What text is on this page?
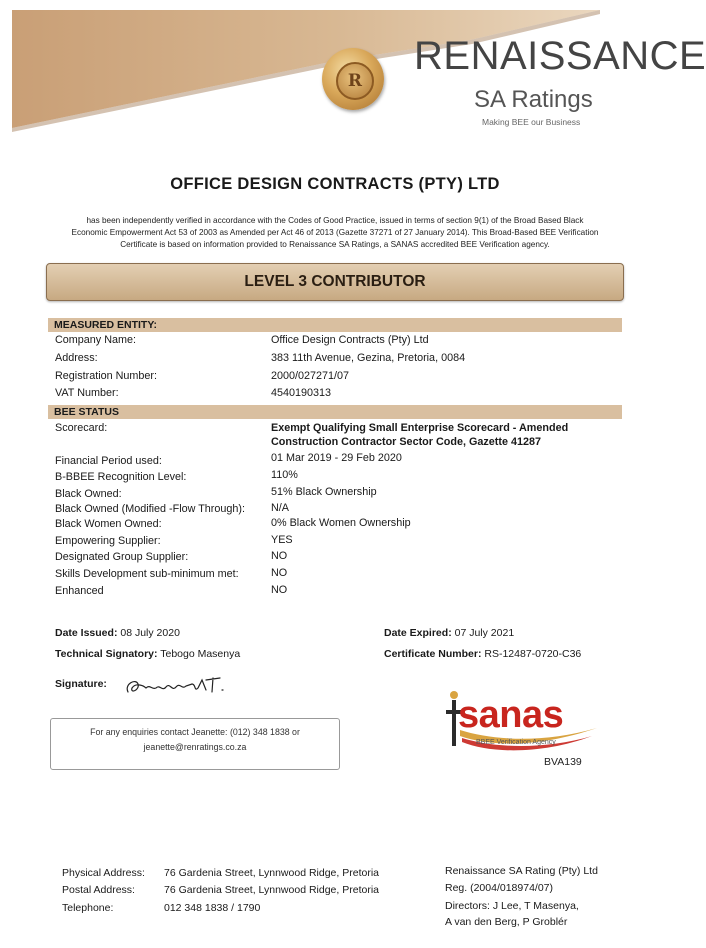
R
RENAISSANCE
SA Ratings
Making BEE our Business
OFFICE DESIGN CONTRACTS (PTY) LTD
has been independently verified in accordance with the Codes of Good Practice, issued in terms of section 9(1) of the Broad Based Black
Economic Empowerment Act 53 of 2003 as Amended per Act 46 of 2013 (Gazette 37271 of 27 January 2014). This Broad-Based BEE Verification
Certificate is based on information provided to Renaissance SA Ratings, a SANAS accredited BEE Verification agency.
LEVEL 3 CONTRIBUTOR
MEASURED ENTITY:
Company Name:	Office Design Contracts (Pty) Ltd
Address:	383 11th Avenue, Gezina, Pretoria, 0084
Registration Number:	2000/027271/07
VAT Number:	4540190313
BEE STATUS
Scorecard:	Exempt Qualifying Small Enterprise Scorecard - Amended
Construction Contractor Sector Code, Gazette 41287
Financial Period used:	01 Mar 2019 - 29 Feb 2020
B-BBEE Recognition Level:	110%
Black Owned:	51% Black Ownership
Black Owned (Modified -Flow Through): N/A
Black Women Owned:	0% Black Women Ownership
Empowering Supplier:	YES
Designated Group Supplier:	NO
Skills Development sub-minimum met:	NO
Enhanced	NO
Date Issued: 08 July 2020	Date Expired: 07 July 2021
Technical Signatory: Tebogo Masenya	Certificate Number: RS-12487-0720-C36
Signature:
For any enquiries contact Jeanette: (012) 348 1838 or
jeanette@renratings.co.za
sanas
BBEE Verification Agency
BVA139
Physical Address: 76 Gardenia Street, Lynnwood Ridge, Pretoria
Postal Address:	76 Gardenia Street, Lynnwood Ridge, Pretoria
Telephone:	012 348 1838 / 1790
Renaissance SA Rating (Pty) Ltd
Reg. (2004/018974/07)
Directors: J Lee, T Masenya,
A van den Berg, P Groblér
